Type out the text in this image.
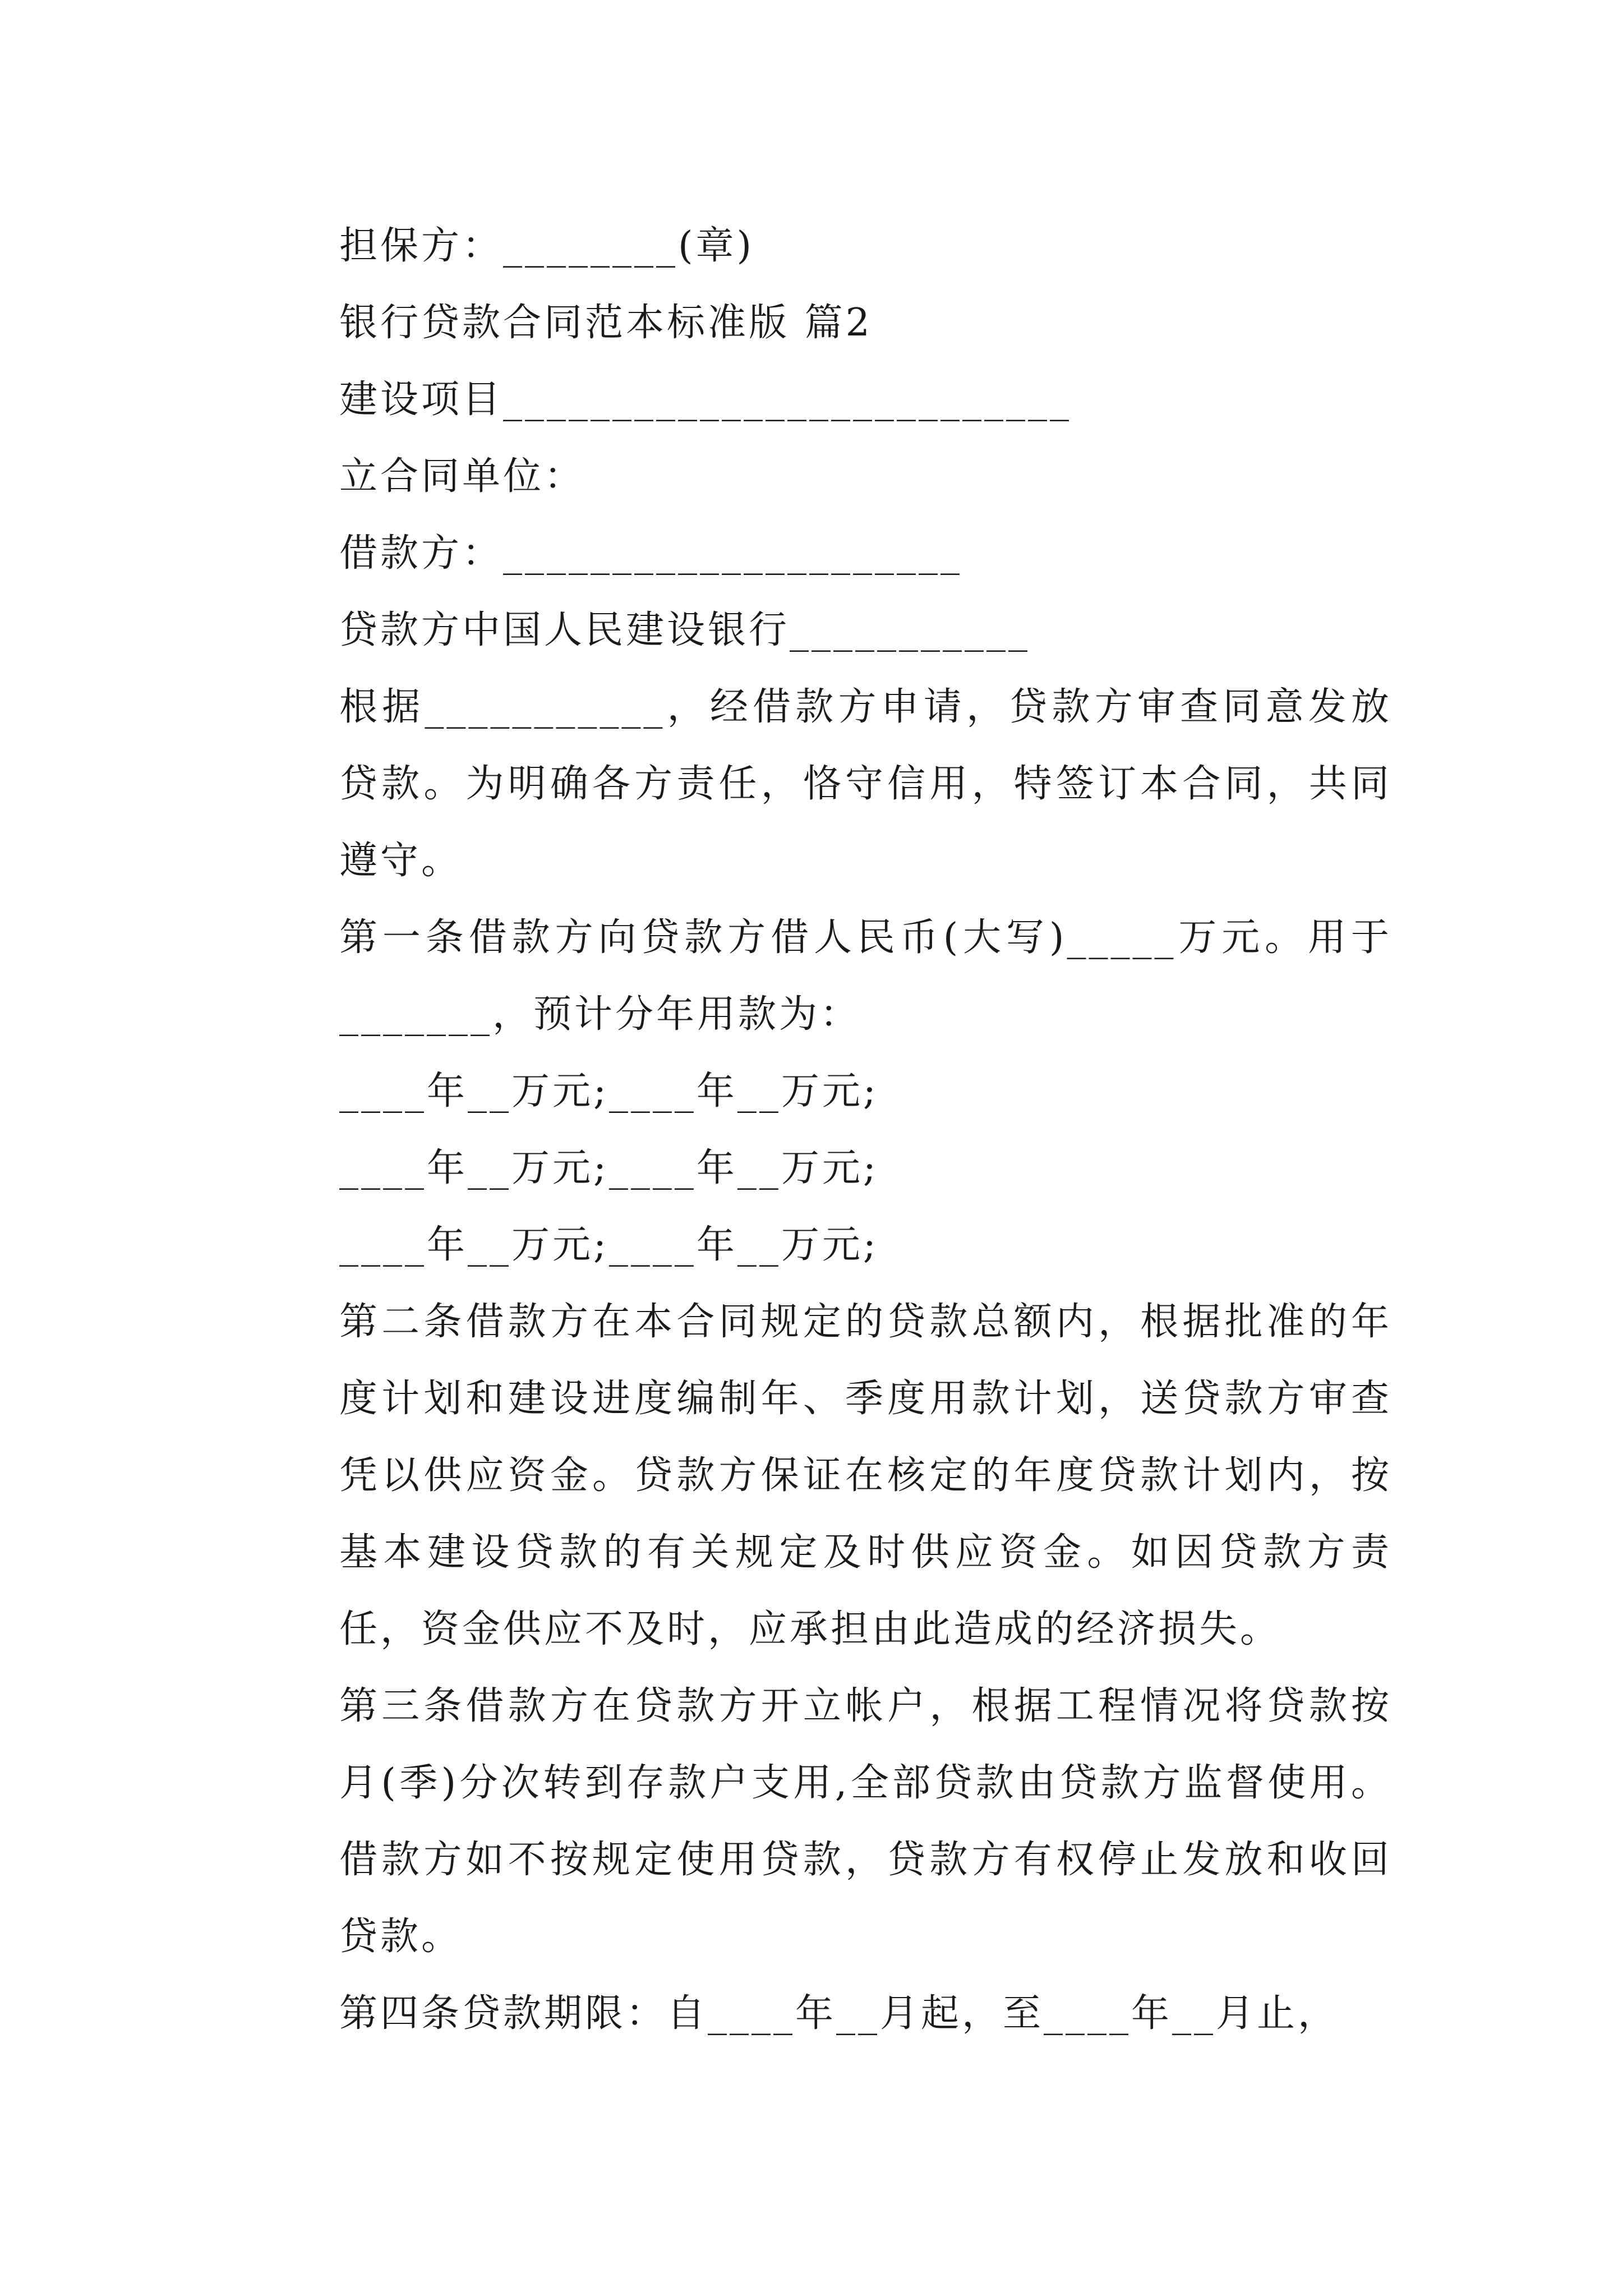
担保方：________(章)

银行贷款合同范本标准版 篇2

建设项目__________________________

立合同单位：

借款方：_____________________

贷款方中国人民建设银行___________

根据___________，经借款方申请，贷款方审查同意发放贷款。为明确各方责任，恪守信用，特签订本合同，共同遵守。

第一条借款方向贷款方借人民币(大写)_____万元。用于_______，预计分年用款为：

____年__万元;____年__万元;

____年__万元;____年__万元;

____年__万元;____年__万元;

第二条借款方在本合同规定的贷款总额内，根据批准的年度计划和建设进度编制年、季度用款计划，送贷款方审查凭以供应资金。贷款方保证在核定的年度贷款计划内，按基本建设贷款的有关规定及时供应资金。如因贷款方责任，资金供应不及时，应承担由此造成的经济损失。

第三条借款方在贷款方开立帐户，根据工程情况将贷款按月(季)分次转到存款户支用,全部贷款由贷款方监督使用。借款方如不按规定使用贷款，贷款方有权停止发放和收回贷款。

第四条贷款期限：自____年__月起，至____年__月止，
